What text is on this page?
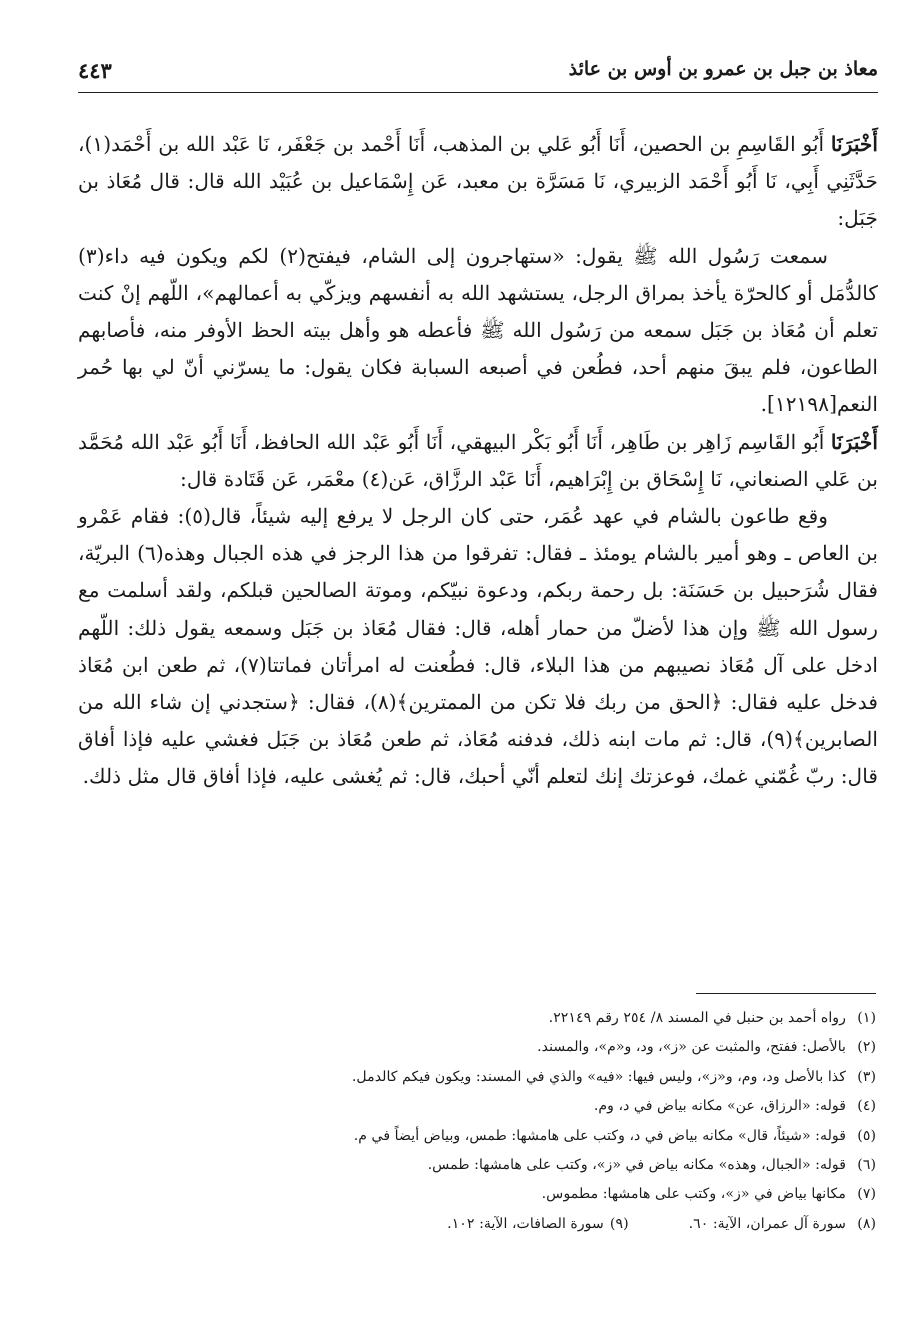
معاذ بن جبل بن عمرو بن أوس بن عائذ
٤٤٣

أَخْبَرَنَا أَبُو القَاسِمِ بن الحصين، أَنَا أَبُو عَلي بن المذهب، أَنَا أَحْمد بن جَعْفَر، نَا عَبْد الله بن أَحْمَد(١)، حَدَّثَنِي أَبِي، نَا أَبُو أَحْمَد الزبيري، نَا مَسَرَّة بن معبد، عَن إِسْمَاعيل بن عُبَيْد الله قال: قال مُعَاذ بن جَبَل:

سمعت رَسُول الله ﷺ يقول: «ستهاجرون إلى الشام، فيفتح(٢) لكم ويكون فيه داء(٣) كالدُّمَل أو كالحرّة يأخذ بمراق الرجل، يستشهد الله به أنفسهم ويزكّي به أعمالهم»، اللّهم إنْ كنت تعلم أن مُعَاذ بن جَبَل سمعه من رَسُول الله ﷺ فأعطه هو وأهل بيته الحظ الأوفر منه، فأصابهم الطاعون، فلم يبقَ منهم أحد، فطُعن في أصبعه السبابة فكان يقول: ما يسرّني أنّ لي بها حُمر النعم[١٢١٩٨].

أَخْبَرَنَا أَبُو القَاسِم زَاهِر بن طَاهِر، أَنَا أَبُو بَكْر البيهقي، أَنَا أَبُو عَبْد الله الحافظ، أَنَا أَبُو عَبْد الله مُحَمَّد بن عَلي الصنعاني، نَا إِسْحَاق بن إِبْرَاهيم، أَنَا عَبْد الرزَّاق، عَن(٤) معْمَر، عَن قَتَادة قال:

وقع طاعون بالشام في عهد عُمَر، حتى كان الرجل لا يرفع إليه شيئاً، قال(٥): فقام عَمْرو بن العاص ـ وهو أمير بالشام يومئذ ـ فقال: تفرقوا من هذا الرجز في هذه الجبال وهذه(٦) البريّة، فقال شُرَحبيل بن حَسَنَة: بل رحمة ربكم، ودعوة نبيّكم، وموتة الصالحين قبلكم، ولقد أسلمت مع رسول الله ﷺ وإن هذا لأضلّ من حمار أهله، قال: فقال مُعَاذ بن جَبَل وسمعه يقول ذلك: اللّهم ادخل على آل مُعَاذ نصيبهم من هذا البلاء، قال: فطُعنت له امرأتان فماتتا(٧)، ثم طعن ابن مُعَاذ فدخل عليه فقال: ﴿الحق من ربك فلا تكن من الممترين﴾(٨)، فقال: ﴿ستجدني إن شاء الله من الصابرين﴾(٩)، قال: ثم مات ابنه ذلك، فدفنه مُعَاذ، ثم طعن مُعَاذ بن جَبَل فغشي عليه فإذا أفاق قال: ربّ غُمّني غمك، فوعزتك إنك لتعلم أنّي أحبك، قال: ثم يُغشى عليه، فإذا أفاق قال مثل ذلك.

(١)رواه أحمد بن حنبل في المسند ٨/ ٢٥٤ رقم ٢٢١٤٩.
(٢)بالأصل: ففتح، والمثبت عن «ز»، ود، و«م»، والمسند.
(٣)كذا بالأصل ود، وم، و«ز»، وليس فيها: «فيه» والذي في المسند: ويكون فيكم كالدمل.
(٤)قوله: «الرزاق، عن» مكانه بياض في د، وم.
(٥)قوله: «شيئاً، قال» مكانه بياض في د، وكتب على هامشها: طمس، وبياض أيضاً في م.
(٦)قوله: «الجبال، وهذه» مكانه بياض في «ز»، وكتب على هامشها: طمس.
(٧)مكانها بياض في «ز»، وكتب على هامشها: مطموس.
(٨)
سورة آل عمران، الآية: ٦٠.
(٩)
سورة الصافات، الآية: ١٠٢.
